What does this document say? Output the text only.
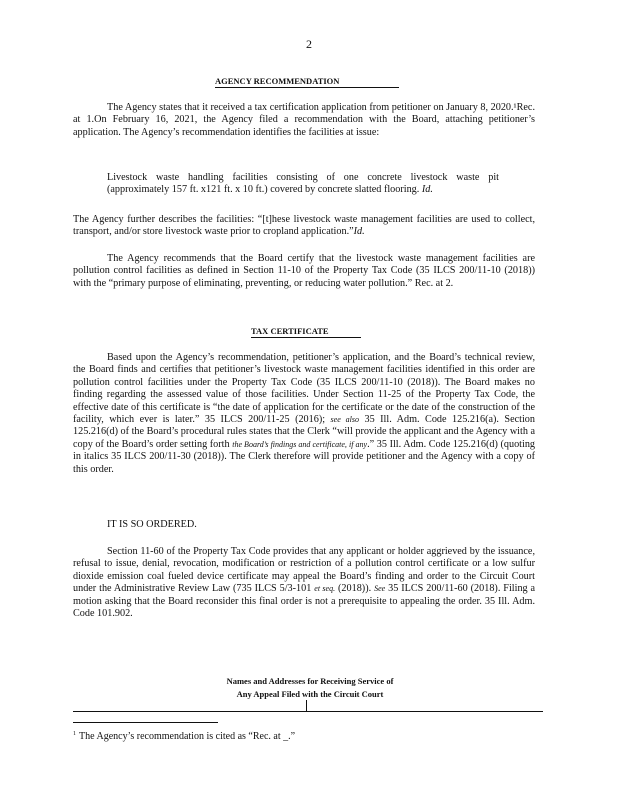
2
AGENCY RECOMMENDATION
The Agency states that it received a tax certification application from petitioner on January 8, 2020.¹Rec. at 1.On February 16, 2021, the Agency filed a recommendation with the Board, attaching petitioner’s application. The Agency’s recommendation identifies the facilities at issue:
Livestock waste handling facilities consisting of one concrete livestock waste pit (approximately 157 ft. x121 ft. x 10 ft.) covered by concrete slatted flooring. Id.
The Agency further describes the facilities: “[t]hese livestock waste management facilities are used to collect, transport, and/or store livestock waste prior to cropland application.”Id.
The Agency recommends that the Board certify that the livestock waste management facilities are pollution control facilities as defined in Section 11-10 of the Property Tax Code (35 ILCS 200/11-10 (2018)) with the “primary purpose of eliminating, preventing, or reducing water pollution.” Rec. at 2.
TAX CERTIFICATE
Based upon the Agency’s recommendation, petitioner’s application, and the Board’s technical review, the Board finds and certifies that petitioner’s livestock waste management facilities identified in this order are pollution control facilities under the Property Tax Code (35 ILCS 200/11-10 (2018)). The Board makes no finding regarding the assessed value of those facilities. Under Section 11-25 of the Property Tax Code, the effective date of this certificate is “the date of application for the certificate or the date of the construction of the facility, which ever is later.” 35 ILCS 200/11-25 (2016); see also 35 Ill. Adm. Code 125.216(a). Section 125.216(d) of the Board’s procedural rules states that the Clerk “will provide the applicant and the Agency with a copy of the Board’s order setting forth the Board’s findings and certificate, if any.” 35 Ill. Adm. Code 125.216(d) (quoting in italics 35 ILCS 200/11-30 (2018)). The Clerk therefore will provide petitioner and the Agency with a copy of this order.
IT IS SO ORDERED.
Section 11-60 of the Property Tax Code provides that any applicant or holder aggrieved by the issuance, refusal to issue, denial, revocation, modification or restriction of a pollution control certificate or a low sulfur dioxide emission coal fueled device certificate may appeal the Board’s finding and order to the Circuit Court under the Administrative Review Law (735 ILCS 5/3-101 et seq. (2018)). See 35 ILCS 200/11-60 (2018). Filing a motion asking that the Board reconsider this final order is not a prerequisite to appealing the order. 35 Ill. Adm. Code 101.902.
Names and Addresses for Receiving Service of
Any Appeal Filed with the Circuit Court
$^1$ The Agency’s recommendation is cited as “Rec. at _.”
